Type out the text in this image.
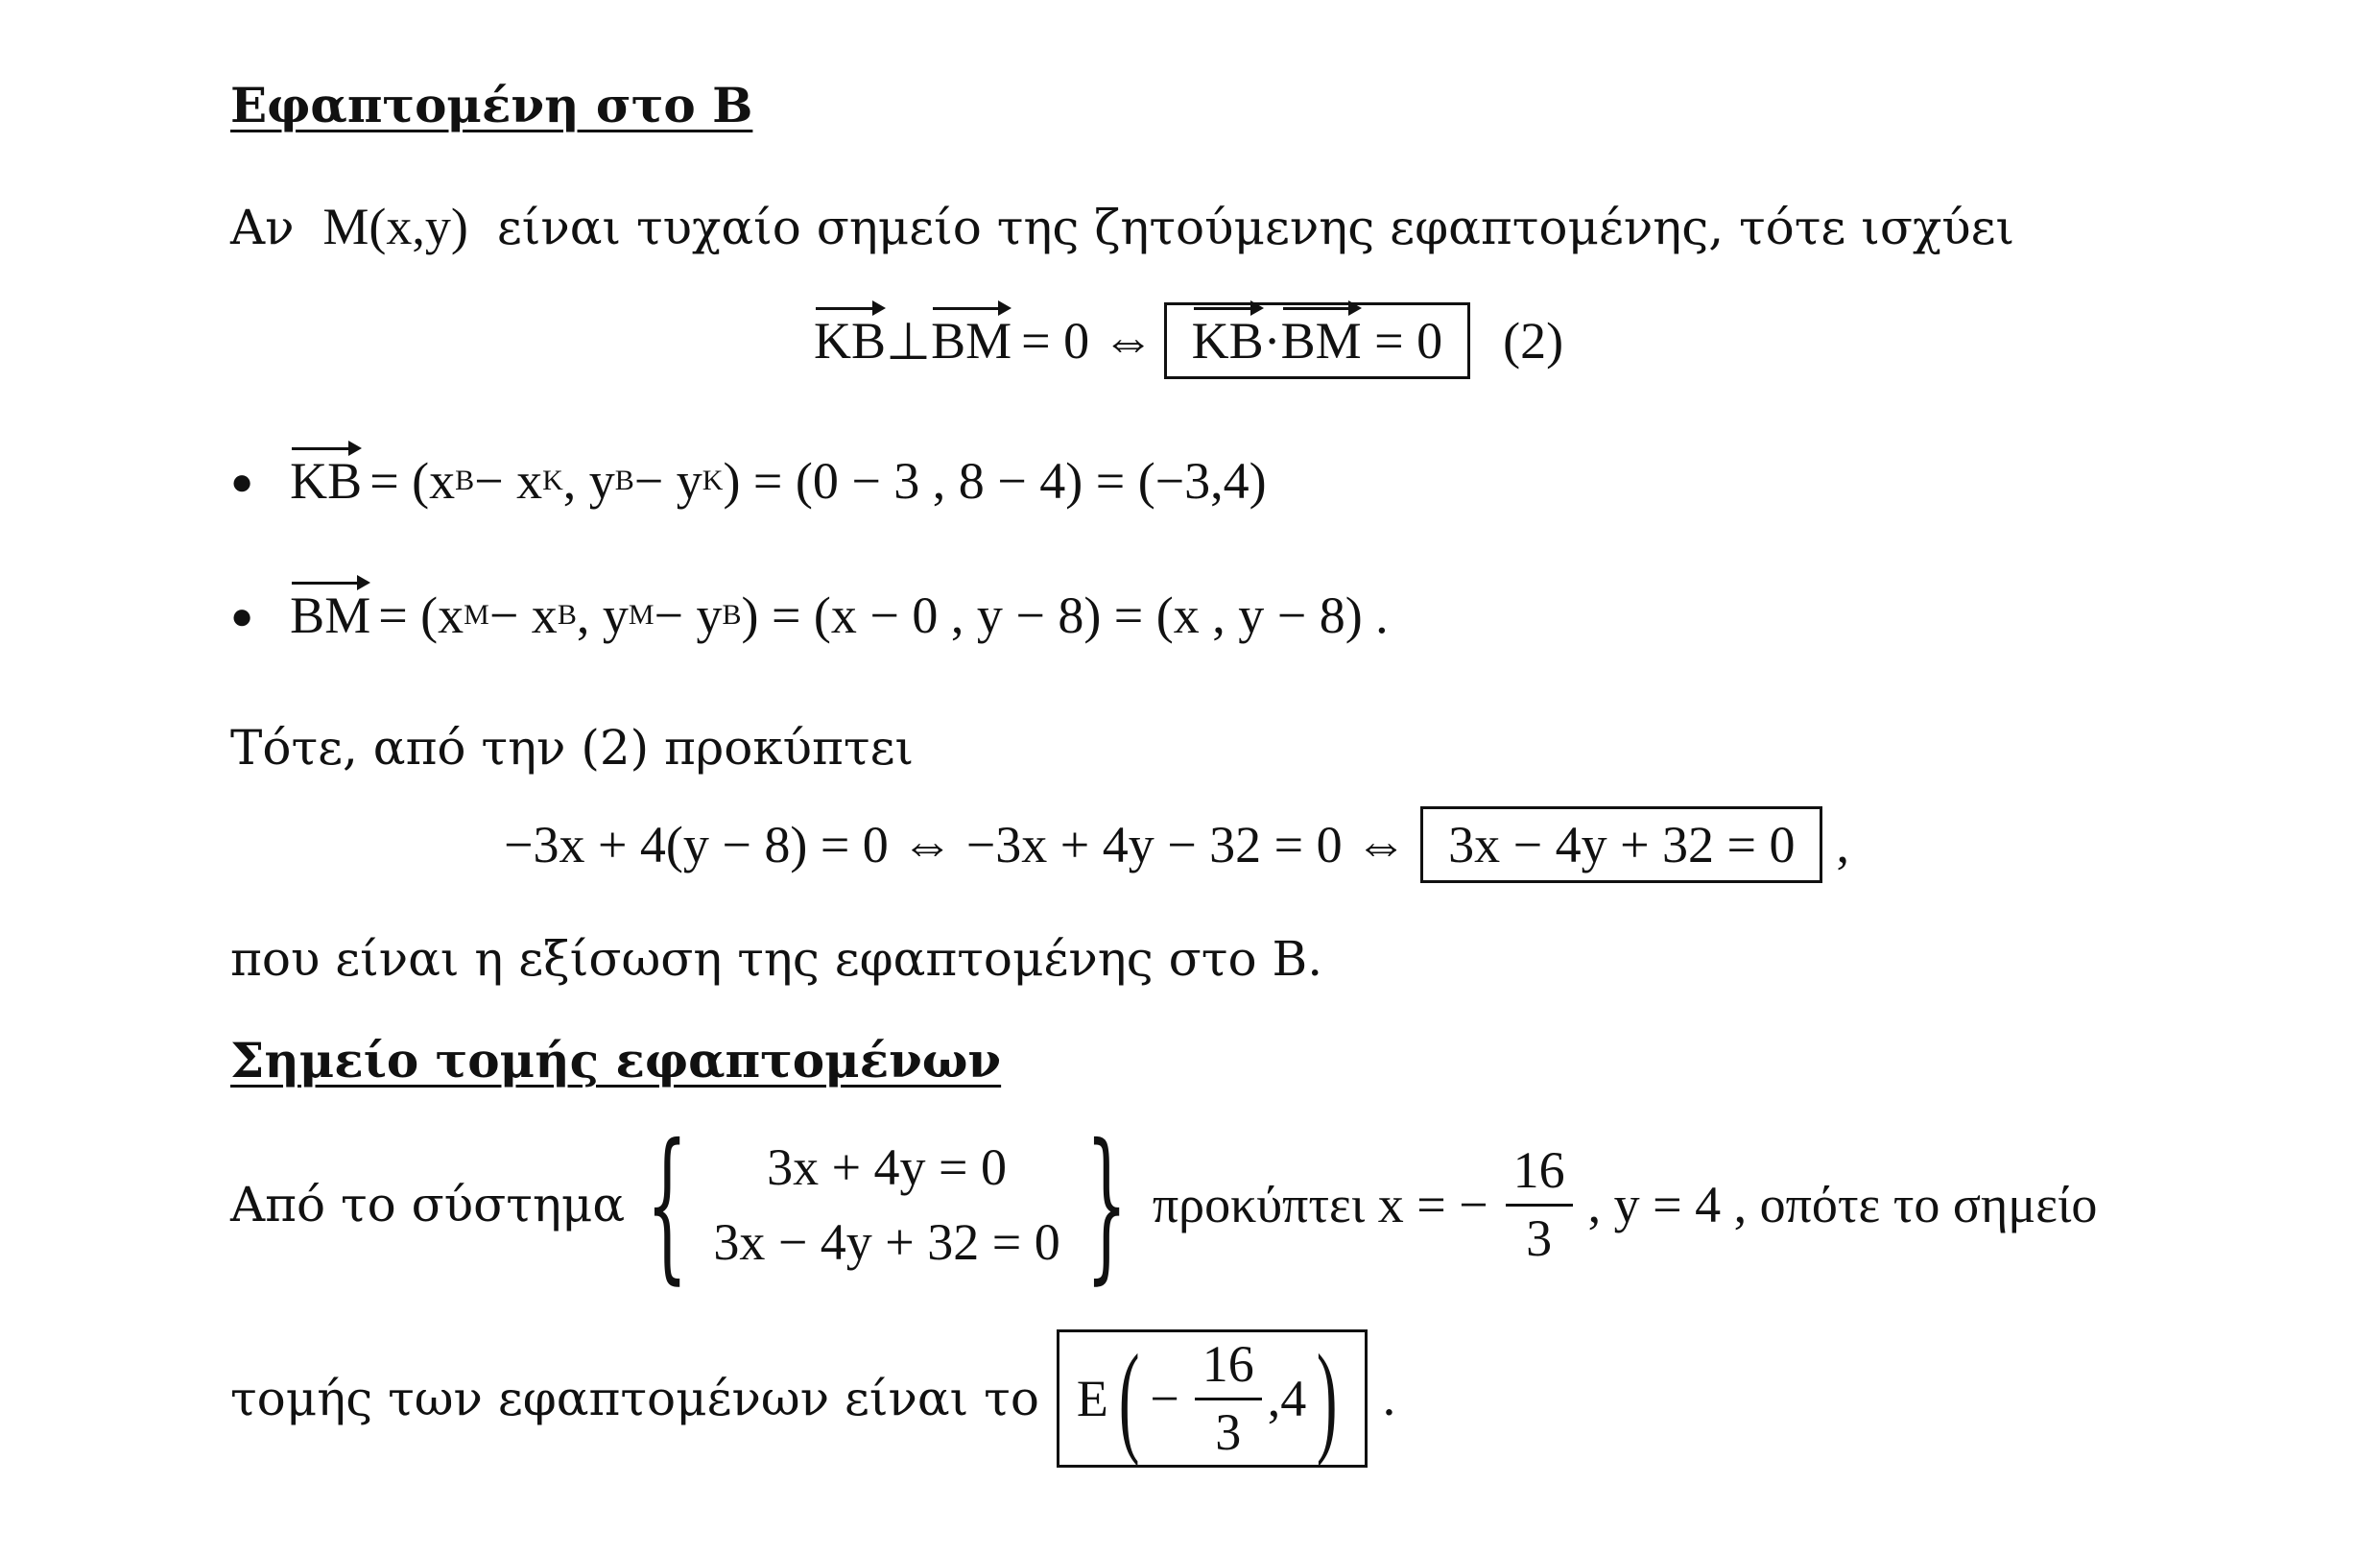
Εφαπτομένη στο Β
Αν M(x,y) είναι τυχαίο σημείο της ζητούμενης εφαπτομένης, τότε ισχύει
KB ⊥ BM = 0 ⇔ KB·BM = 0	(2)
● KB = (x B − x K , y B − y K ) = (0 − 3 , 8 − 4) = (−3,4)
● BM = (x M − x B , y M − y B ) = (x − 0 , y − 8) = (x , y − 8) .
Τότε, από την (2) προκύπτει
−3x + 4(y − 8) = 0 ⇔ −3x + 4y − 32 = 0 ⇔ 3x − 4y + 32 = 0 ,
που είναι η εξίσωση της εφαπτομένης στο Β.
Σημείο τομής εφαπτομένων
Από το σύστημα { 3x + 4y = 0
3x − 4y + 32 = 0 } προκύπτει x = − $\frac{16}{3}$ , y = 4 , οπότε το σημείο
τομής των εφαπτομένων είναι το E ( − $\frac{16}{3} ,4$ ) .
